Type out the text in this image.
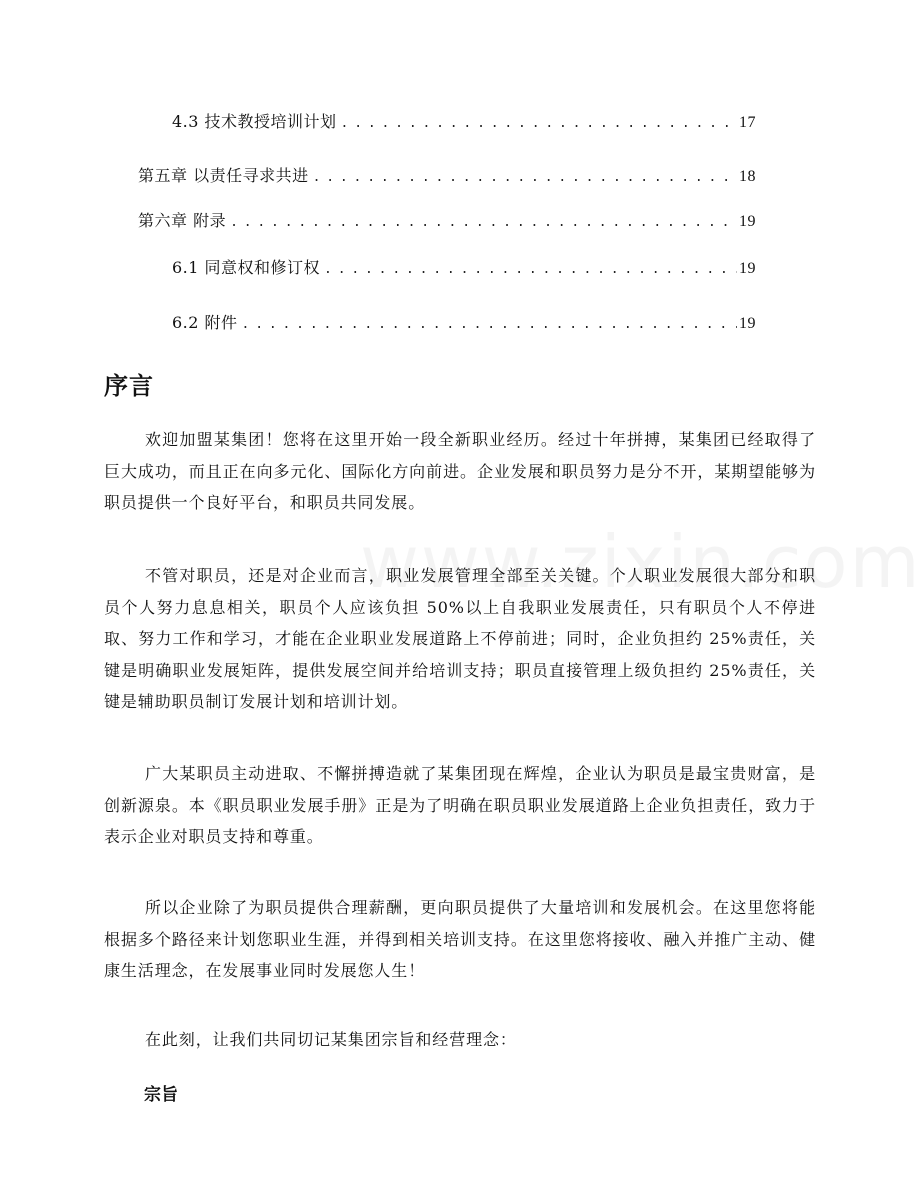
4.3 技术教授培训计划 . . .	17
第五章 以责任寻求共进 . . .	18
第六章 附录 . . .	19
6.1 同意权和修订权 . . .	19
6.2 附件 . . .	19
序言

欢迎加盟某集团！您将在这里开始一段全新职业经历。经过十年拼搏，某集团已经取得了巨大成功，而且正在向多元化、国际化方向前进。企业发展和职员努力是分不开，某期望能够为职员提供一个良好平台，和职员共同发展。

不管对职员，还是对企业而言，职业发展管理全部至关关键。个人职业发展很大部分和职员个人努力息息相关，职员个人应该负担 50%以上自我职业发展责任，只有职员个人不停进取、努力工作和学习，才能在企业职业发展道路上不停前进；同时，企业负担约 25%责任，关键是明确职业发展矩阵，提供发展空间并给培训支持；职员直接管理上级负担约 25%责任，关键是辅助职员制订发展计划和培训计划。

广大某职员主动进取、不懈拼搏造就了某集团现在辉煌，企业认为职员是最宝贵财富，是创新源泉。本《职员职业发展手册》正是为了明确在职员职业发展道路上企业负担责任，致力于表示企业对职员支持和尊重。

所以企业除了为职员提供合理薪酬，更向职员提供了大量培训和发展机会。在这里您将能根据多个路径来计划您职业生涯，并得到相关培训支持。在这里您将接收、融入并推广主动、健康生活理念，在发展事业同时发展您人生！

在此刻，让我们共同切记某集团宗旨和经营理念：

宗旨
